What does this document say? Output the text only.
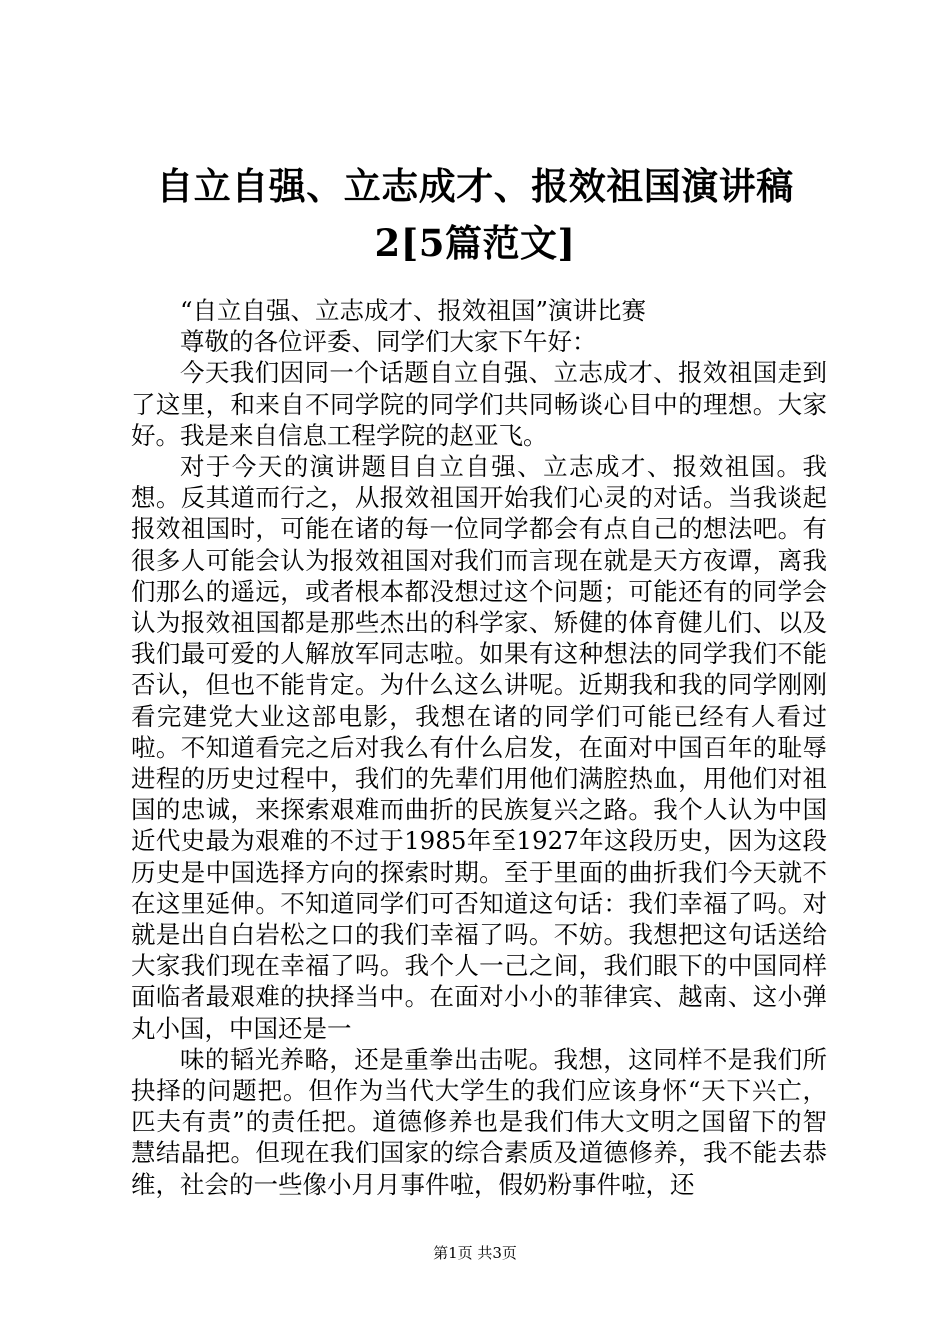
自立自强、立志成才、报效祖国演讲稿2[5篇范文]

“自立自强、立志成才、报效祖国”演讲比赛

尊敬的各位评委、同学们大家下午好：

今天我们因同一个话题自立自强、立志成才、报效祖国走到了这里，和来自不同学院的同学们共同畅谈心目中的理想。大家好。我是来自信息工程学院的赵亚飞。

对于今天的演讲题目自立自强、立志成才、报效祖国。我想。反其道而行之，从报效祖国开始我们心灵的对话。当我谈起报效祖国时，可能在诸的每一位同学都会有点自己的想法吧。有很多人可能会认为报效祖国对我们而言现在就是天方夜谭，离我们那么的遥远，或者根本都没想过这个问题；可能还有的同学会认为报效祖国都是那些杰出的科学家、矫健的体育健儿们、以及我们最可爱的人解放军同志啦。如果有这种想法的同学我们不能否认，但也不能肯定。为什么这么讲呢。近期我和我的同学刚刚看完建党大业这部电影，我想在诸的同学们可能已经有人看过啦。不知道看完之后对我么有什么启发，在面对中国百年的耻辱进程的历史过程中，我们的先辈们用他们满腔热血，用他们对祖国的忠诚，来探索艰难而曲折的民族复兴之路。我个人认为中国近代史最为艰难的不过于1985年至1927年这段历史，因为这段历史是中国选择方向的探索时期。至于里面的曲折我们今天就不在这里延伸。不知道同学们可否知道这句话：我们幸福了吗。对就是出自白岩松之口的我们幸福了吗。不妨。我想把这句话送给大家我们现在幸福了吗。我个人一己之间，我们眼下的中国同样面临者最艰难的抉择当中。在面对小小的菲律宾、越南、这小弹丸小国，中国还是一

味的韬光养略，还是重拳出击呢。我想，这同样不是我们所抉择的问题把。但作为当代大学生的我们应该身怀“天下兴亡，匹夫有责”的责任把。道德修养也是我们伟大文明之国留下的智慧结晶把。但现在我们国家的综合素质及道德修养，我不能去恭维，社会的一些像小月月事件啦，假奶粉事件啦，还

第1页 共3页
